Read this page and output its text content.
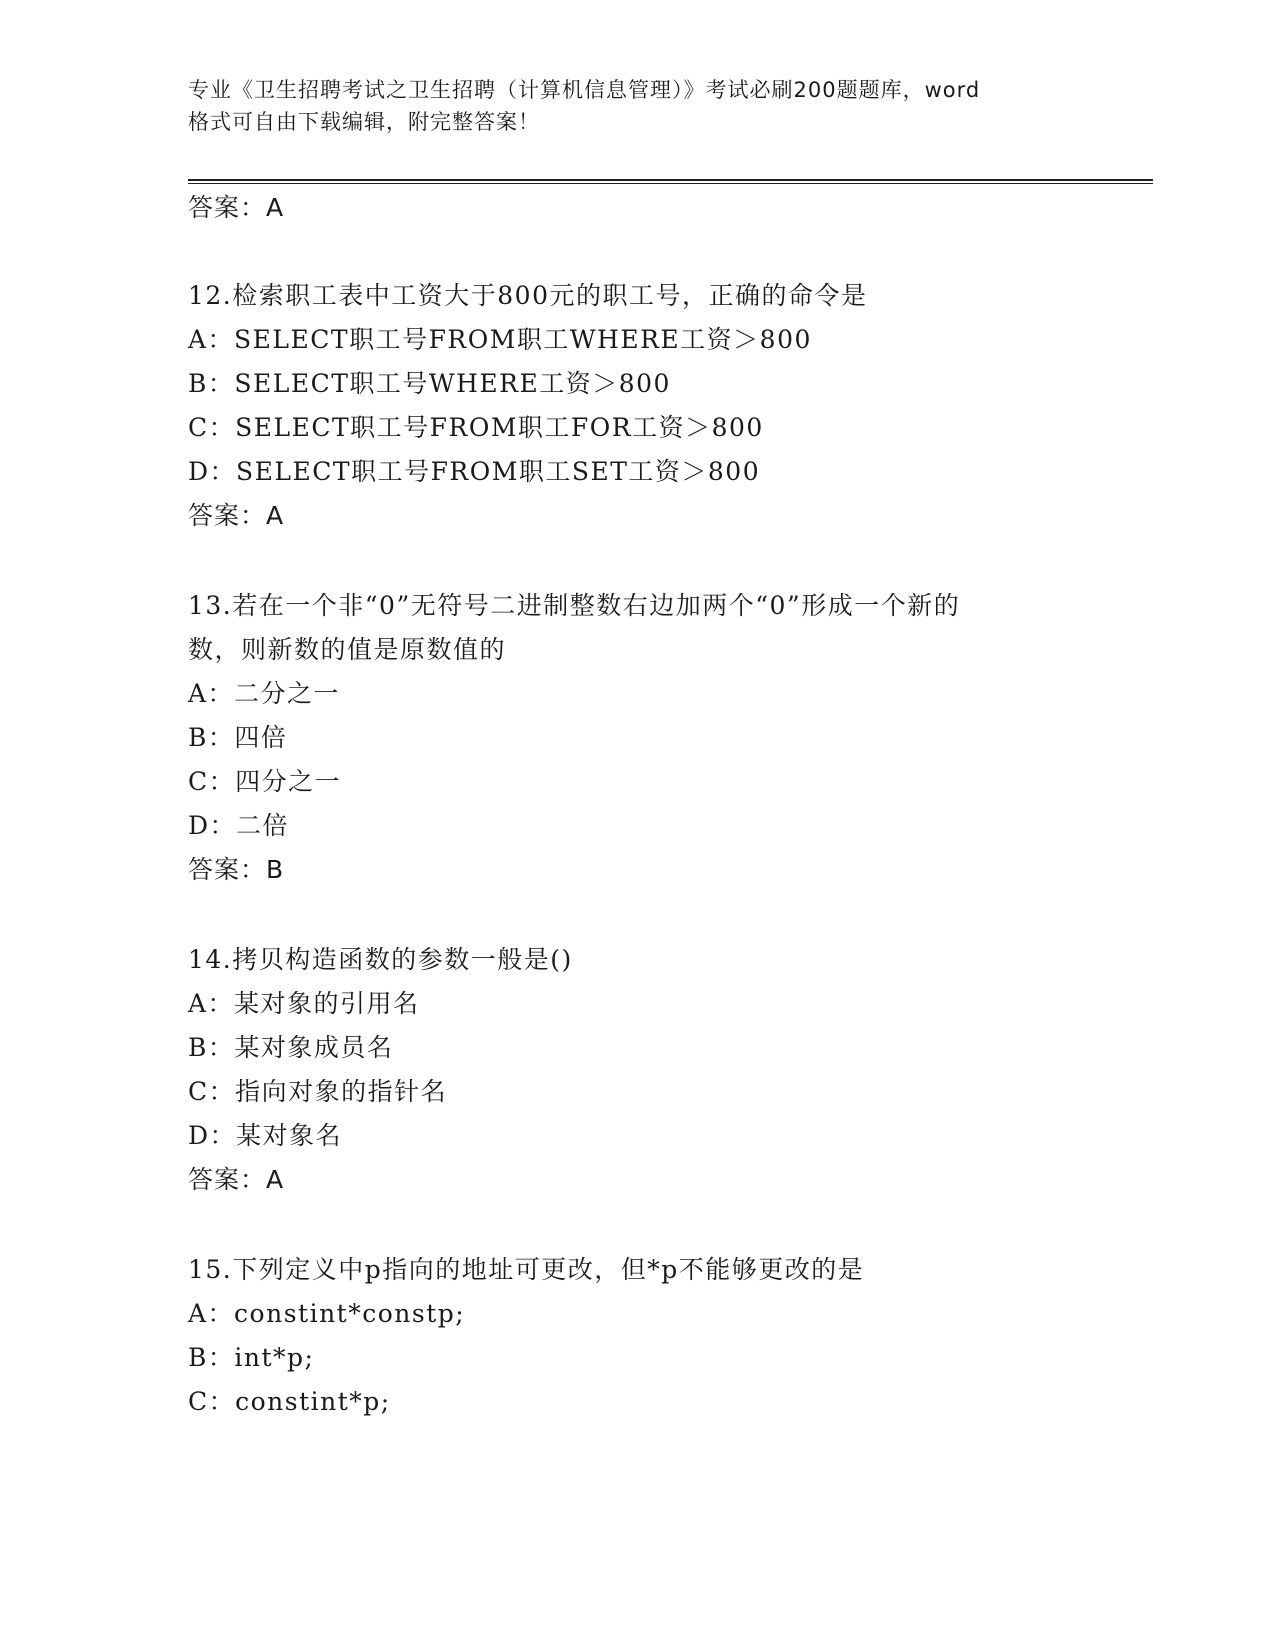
专业《卫生招聘考试之卫生招聘（计算机信息管理）》考试必刷200题题库，word
格式可自由下载编辑，附完整答案！
答案：A
12.检索职工表中工资大于800元的职工号，正确的命令是
A：SELECT职工号FROM职工WHERE工资＞800
B：SELECT职工号WHERE工资＞800
C：SELECT职工号FROM职工FOR工资＞800
D：SELECT职工号FROM职工SET工资＞800
答案：A
13.若在一个非“0”无符号二进制整数右边加两个“0”形成一个新的
数，则新数的值是原数值的
A：二分之一
B：四倍
C：四分之一
D：二倍
答案：B
14.拷贝构造函数的参数一般是()
A：某对象的引用名
B：某对象成员名
C：指向对象的指针名
D：某对象名
答案：A
15.下列定义中p指向的地址可更改，但*p不能够更改的是
A：constint*constp;
B：int*p;
C：constint*p;
